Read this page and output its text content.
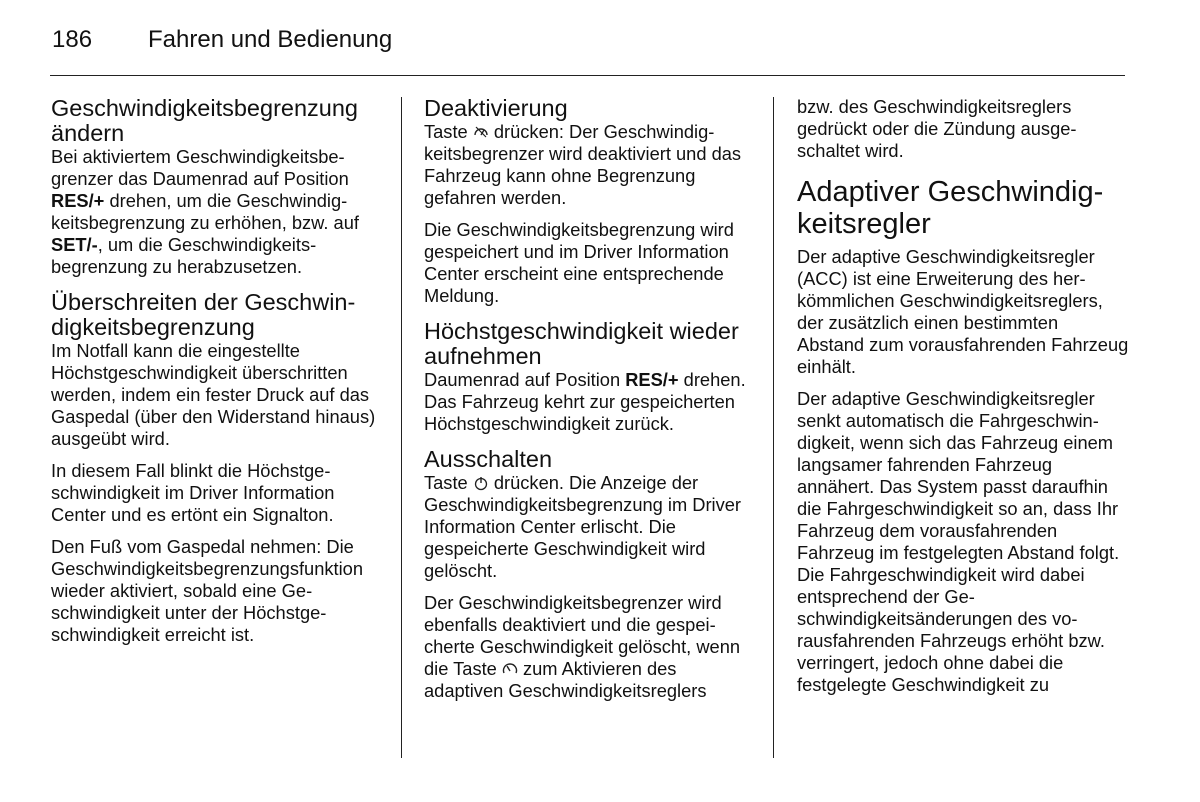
186	Fahren und Bedienung
Geschwindigkeitsbegrenzung ändern

Bei aktiviertem Geschwindigkeitsbegrenzer das Daumenrad auf Position RES/+ drehen, um die Geschwindigkeitsbegrenzung zu erhöhen, bzw. auf SET/-, um die Geschwindigkeitsbegrenzung zu herabzusetzen.

Überschreiten der Geschwindigkeitsbegrenzung

Im Notfall kann die eingestellte Höchstgeschwindigkeit überschritten werden, indem ein fester Druck auf das Gaspedal (über den Widerstand hinaus) ausgeübt wird.

In diesem Fall blinkt die Höchstgeschwindigkeit im Driver Information Center und es ertönt ein Signalton.

Den Fuß vom Gaspedal nehmen: Die Geschwindigkeitsbegrenzungsfunktion wieder aktiviert, sobald eine Geschwindigkeit unter der Höchstgeschwindigkeit erreicht ist.

Deaktivierung

Taste  drücken: Der Geschwindigkeitsbegrenzer wird deaktiviert und das Fahrzeug kann ohne Begrenzung gefahren werden.

Die Geschwindigkeitsbegrenzung wird gespeichert und im Driver Information Center erscheint eine entsprechende Meldung.

Höchstgeschwindigkeit wieder aufnehmen

Daumenrad auf Position RES/+ drehen. Das Fahrzeug kehrt zur gespeicherten Höchstgeschwindigkeit zurück.

Ausschalten

Taste  drücken. Die Anzeige der Geschwindigkeitsbegrenzung im Driver Information Center erlischt. Die gespeicherte Geschwindigkeit wird gelöscht.

Der Geschwindigkeitsbegrenzer wird ebenfalls deaktiviert und die gespeicherte Geschwindigkeit gelöscht, wenn die Taste  zum Aktivieren des adaptiven Geschwindigkeitsreglers

bzw. des Geschwindigkeitsreglers gedrückt oder die Zündung ausgeschaltet wird.

Adaptiver Geschwindigkeitsregler

Der adaptive Geschwindigkeitsregler (ACC) ist eine Erweiterung des herkömmlichen Geschwindigkeitsreglers, der zusätzlich einen bestimmten Abstand zum vorausfahrenden Fahrzeug einhält.

Der adaptive Geschwindigkeitsregler senkt automatisch die Fahrgeschwindigkeit, wenn sich das Fahrzeug einem langsamer fahrenden Fahrzeug annähert. Das System passt daraufhin die Fahrgeschwindigkeit so an, dass Ihr Fahrzeug dem vorausfahrenden Fahrzeug im festgelegten Abstand folgt. Die Fahrgeschwindigkeit wird dabei entsprechend der Geschwindigkeitsänderungen des vorausfahrenden Fahrzeugs erhöht bzw. verringert, jedoch ohne dabei die festgelegte Geschwindigkeit zu
